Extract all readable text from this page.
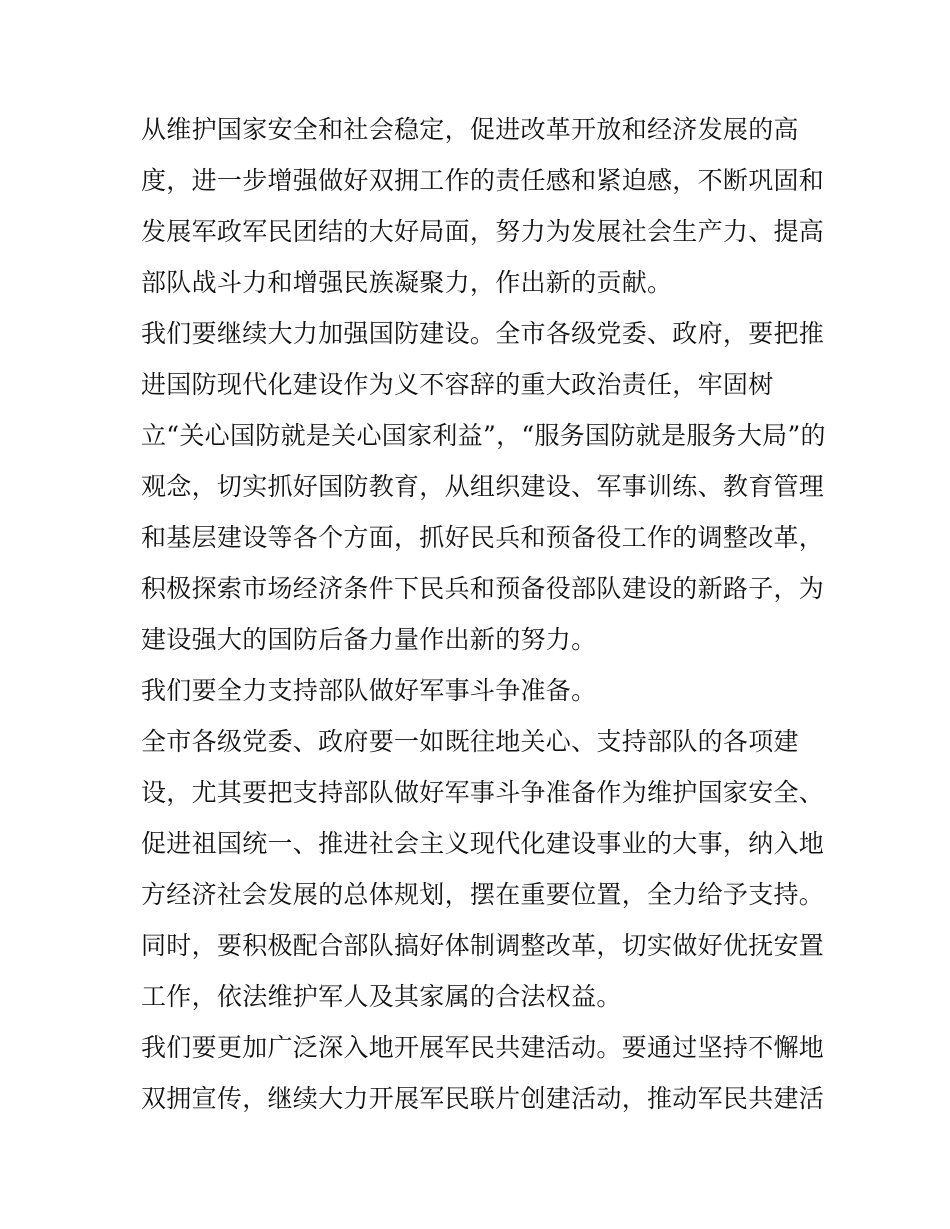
从维护国家安全和社会稳定，促进改革开放和经济发展的高
度，进一步增强做好双拥工作的责任感和紧迫感，不断巩固和
发展军政军民团结的大好局面，努力为发展社会生产力、提高
部队战斗力和增强民族凝聚力，作出新的贡献。
我们要继续大力加强国防建设。全市各级党委、政府，要把推
进国防现代化建设作为义不容辞的重大政治责任，牢固树
立“关心国防就是关心国家利益”，“服务国防就是服务大局”的
观念，切实抓好国防教育，从组织建设、军事训练、教育管理
和基层建设等各个方面，抓好民兵和预备役工作的调整改革，
积极探索市场经济条件下民兵和预备役部队建设的新路子，为
建设强大的国防后备力量作出新的努力。
我们要全力支持部队做好军事斗争准备。
全市各级党委、政府要一如既往地关心、支持部队的各项建
设，尤其要把支持部队做好军事斗争准备作为维护国家安全、
促进祖国统一、推进社会主义现代化建设事业的大事，纳入地
方经济社会发展的总体规划，摆在重要位置，全力给予支持。
同时，要积极配合部队搞好体制调整改革，切实做好优抚安置
工作，依法维护军人及其家属的合法权益。
我们要更加广泛深入地开展军民共建活动。要通过坚持不懈地
双拥宣传，继续大力开展军民联片创建活动，推动军民共建活
